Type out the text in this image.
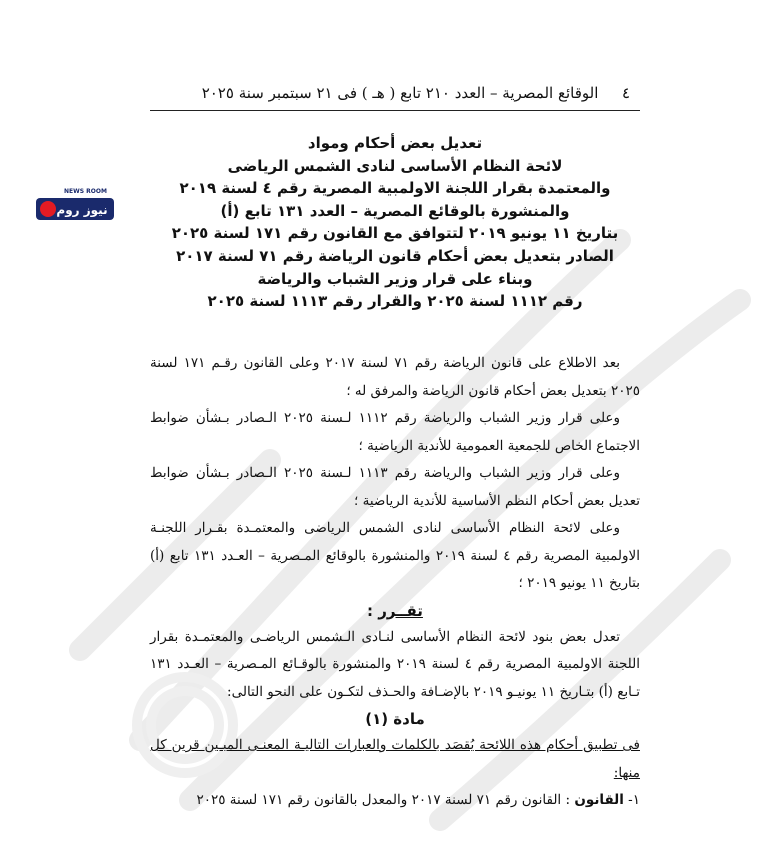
٤  الوقائع المصرية – العدد ٢١٠ تابع ( هـ ) فى ٢١ سبتمبر سنة ٢٠٢٥
NEWS ROOM
نيوز روم
تعديل بعض أحكام ومواد
لائحة النظام الأساسى لنادى الشمس الرياضى
والمعتمدة بقرار اللجنة الاولمبية المصرية رقم ٤ لسنة ٢٠١٩
والمنشورة بالوقائع المصرية – العدد ١٣١ تابع (أ)
بتاريخ ١١ يونيو ٢٠١٩ لتتوافق مع القانون رقم ١٧١ لسنة ٢٠٢٥
الصادر بتعديل بعض أحكام قانون الرياضة رقم ٧١ لسنة ٢٠١٧
وبناء على قرار وزير الشباب والرياضة
رقم ١١١٢ لسنة ٢٠٢٥ والقرار رقم ١١١٣ لسنة ٢٠٢٥

بعد الاطلاع على قانون الرياضة رقم ٧١ لسنة ٢٠١٧ وعلى القانون رقـم ١٧١ لسنة ٢٠٢٥ بتعديل بعض أحكام قانون الرياضة والمرفق له ؛

وعلى قرار وزير الشباب والرياضة رقم ١١١٢ لـسنة ٢٠٢٥ الـصادر بـشأن ضوابط الاجتماع الخاص للجمعية العمومية للأندية الرياضية ؛

وعلى قرار وزير الشباب والرياضة رقم ١١١٣ لـسنة ٢٠٢٥ الـصادر بـشأن ضوابط تعديل بعض أحكام النظم الأساسية للأندية الرياضية ؛

وعلى لائحة النظام الأساسى لنادى الشمس الرياضى والمعتمـدة بقـرار اللجنـة الاولمبية المصرية رقم ٤ لسنة ٢٠١٩ والمنشورة بالوقائع المـصرية – العـدد ١٣١ تابع (أ) بتاريخ ١١ يونيو ٢٠١٩ ؛

تقــرر :

تعدل بعض بنود لائحة النظام الأساسى لنـادى الـشمس الرياضـى والمعتمـدة بقرار اللجنة الاولمبية المصرية رقم ٤ لسنة ٢٠١٩ والمنشورة بالوقـائع المـصرية – العـدد ١٣١ تـابع (أ) بتـاريخ ١١ يونيـو ٢٠١٩ بالإضـافة والحـذف لتكـون على النحو التالى:

مادة (١)

فى تطبيق أحكام هذه اللائحة يُقصَد بالكلمات والعبارات التاليـة المعنـى المبـين قرين كل منها:

١- القانون : القانون رقم ٧١ لسنة ٢٠١٧ والمعدل بالقانون رقم ١٧١ لسنة ٢٠٢٥
